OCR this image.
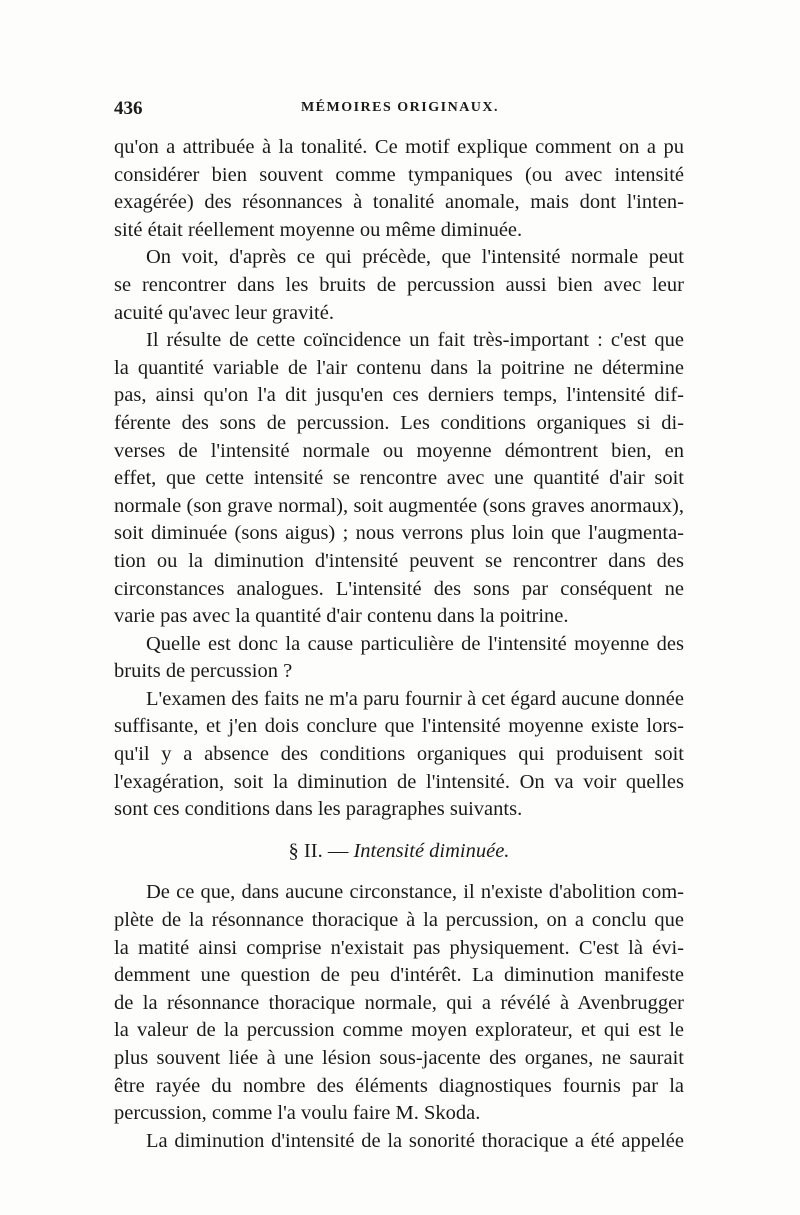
436	MÉMOIRES ORIGINAUX.
qu'on a attribuée à la tonalité. Ce motif explique comment on a pu
considérer bien souvent comme tympaniques (ou avec intensité
exagérée) des résonnances à tonalité anomale, mais dont l'inten-
sité était réellement moyenne ou même diminuée.
On voit, d'après ce qui précède, que l'intensité normale peut
se rencontrer dans les bruits de percussion aussi bien avec leur
acuité qu'avec leur gravité.
Il résulte de cette coïncidence un fait très-important : c'est que
la quantité variable de l'air contenu dans la poitrine ne détermine
pas, ainsi qu'on l'a dit jusqu'en ces derniers temps, l'intensité dif-
férente des sons de percussion. Les conditions organiques si di-
verses de l'intensité normale ou moyenne démontrent bien, en
effet, que cette intensité se rencontre avec une quantité d'air soit
normale (son grave normal), soit augmentée (sons graves anormaux),
soit diminuée (sons aigus) ; nous verrons plus loin que l'augmenta-
tion ou la diminution d'intensité peuvent se rencontrer dans des
circonstances analogues. L'intensité des sons par conséquent ne
varie pas avec la quantité d'air contenu dans la poitrine.
Quelle est donc la cause particulière de l'intensité moyenne des
bruits de percussion ?
L'examen des faits ne m'a paru fournir à cet égard aucune donnée
suffisante, et j'en dois conclure que l'intensité moyenne existe lors-
qu'il y a absence des conditions organiques qui produisent soit
l'exagération, soit la diminution de l'intensité. On va voir quelles
sont ces conditions dans les paragraphes suivants.
§ II. — Intensité diminuée.
De ce que, dans aucune circonstance, il n'existe d'abolition com-
plète de la résonnance thoracique à la percussion, on a conclu que
la matité ainsi comprise n'existait pas physiquement. C'est là évi-
demment une question de peu d'intérêt. La diminution manifeste
de la résonnance thoracique normale, qui a révélé à Avenbrugger
la valeur de la percussion comme moyen explorateur, et qui est le
plus souvent liée à une lésion sous-jacente des organes, ne saurait
être rayée du nombre des éléments diagnostiques fournis par la
percussion, comme l'a voulu faire M. Skoda.
La diminution d'intensité de la sonorité thoracique a été appelée
